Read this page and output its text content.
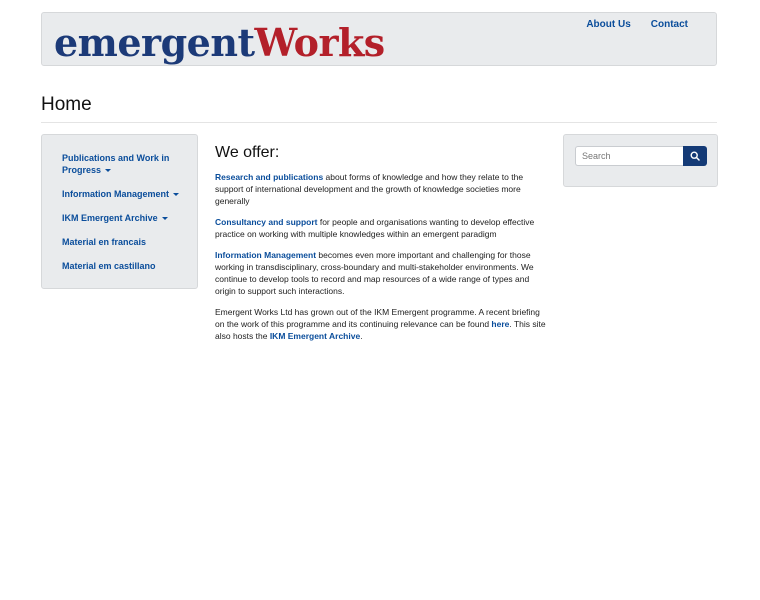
emergentWorks	About Us	Contact
Home
Publications and Work in Progress
Information Management
IKM Emergent Archive
Material en francais
Material em castillano
We offer:

Research and publications about forms of knowledge and how they relate to the support of international development and the growth of knowledge societies more generally

Consultancy and support for people and organisations wanting to develop effective practice on working with multiple knowledges within an emergent paradigm

Information Management becomes even more important and challenging for those working in transdisciplinary, cross-boundary and multi-stakeholder environments. We continue to develop tools to record and map resources of a wide range of types and origin to support such interactions.

Emergent Works Ltd has grown out of the IKM Emergent programme. A recent briefing on the work of this programme and its continuing relevance can be found here. This site also hosts the IKM Emergent Archive.

Search
